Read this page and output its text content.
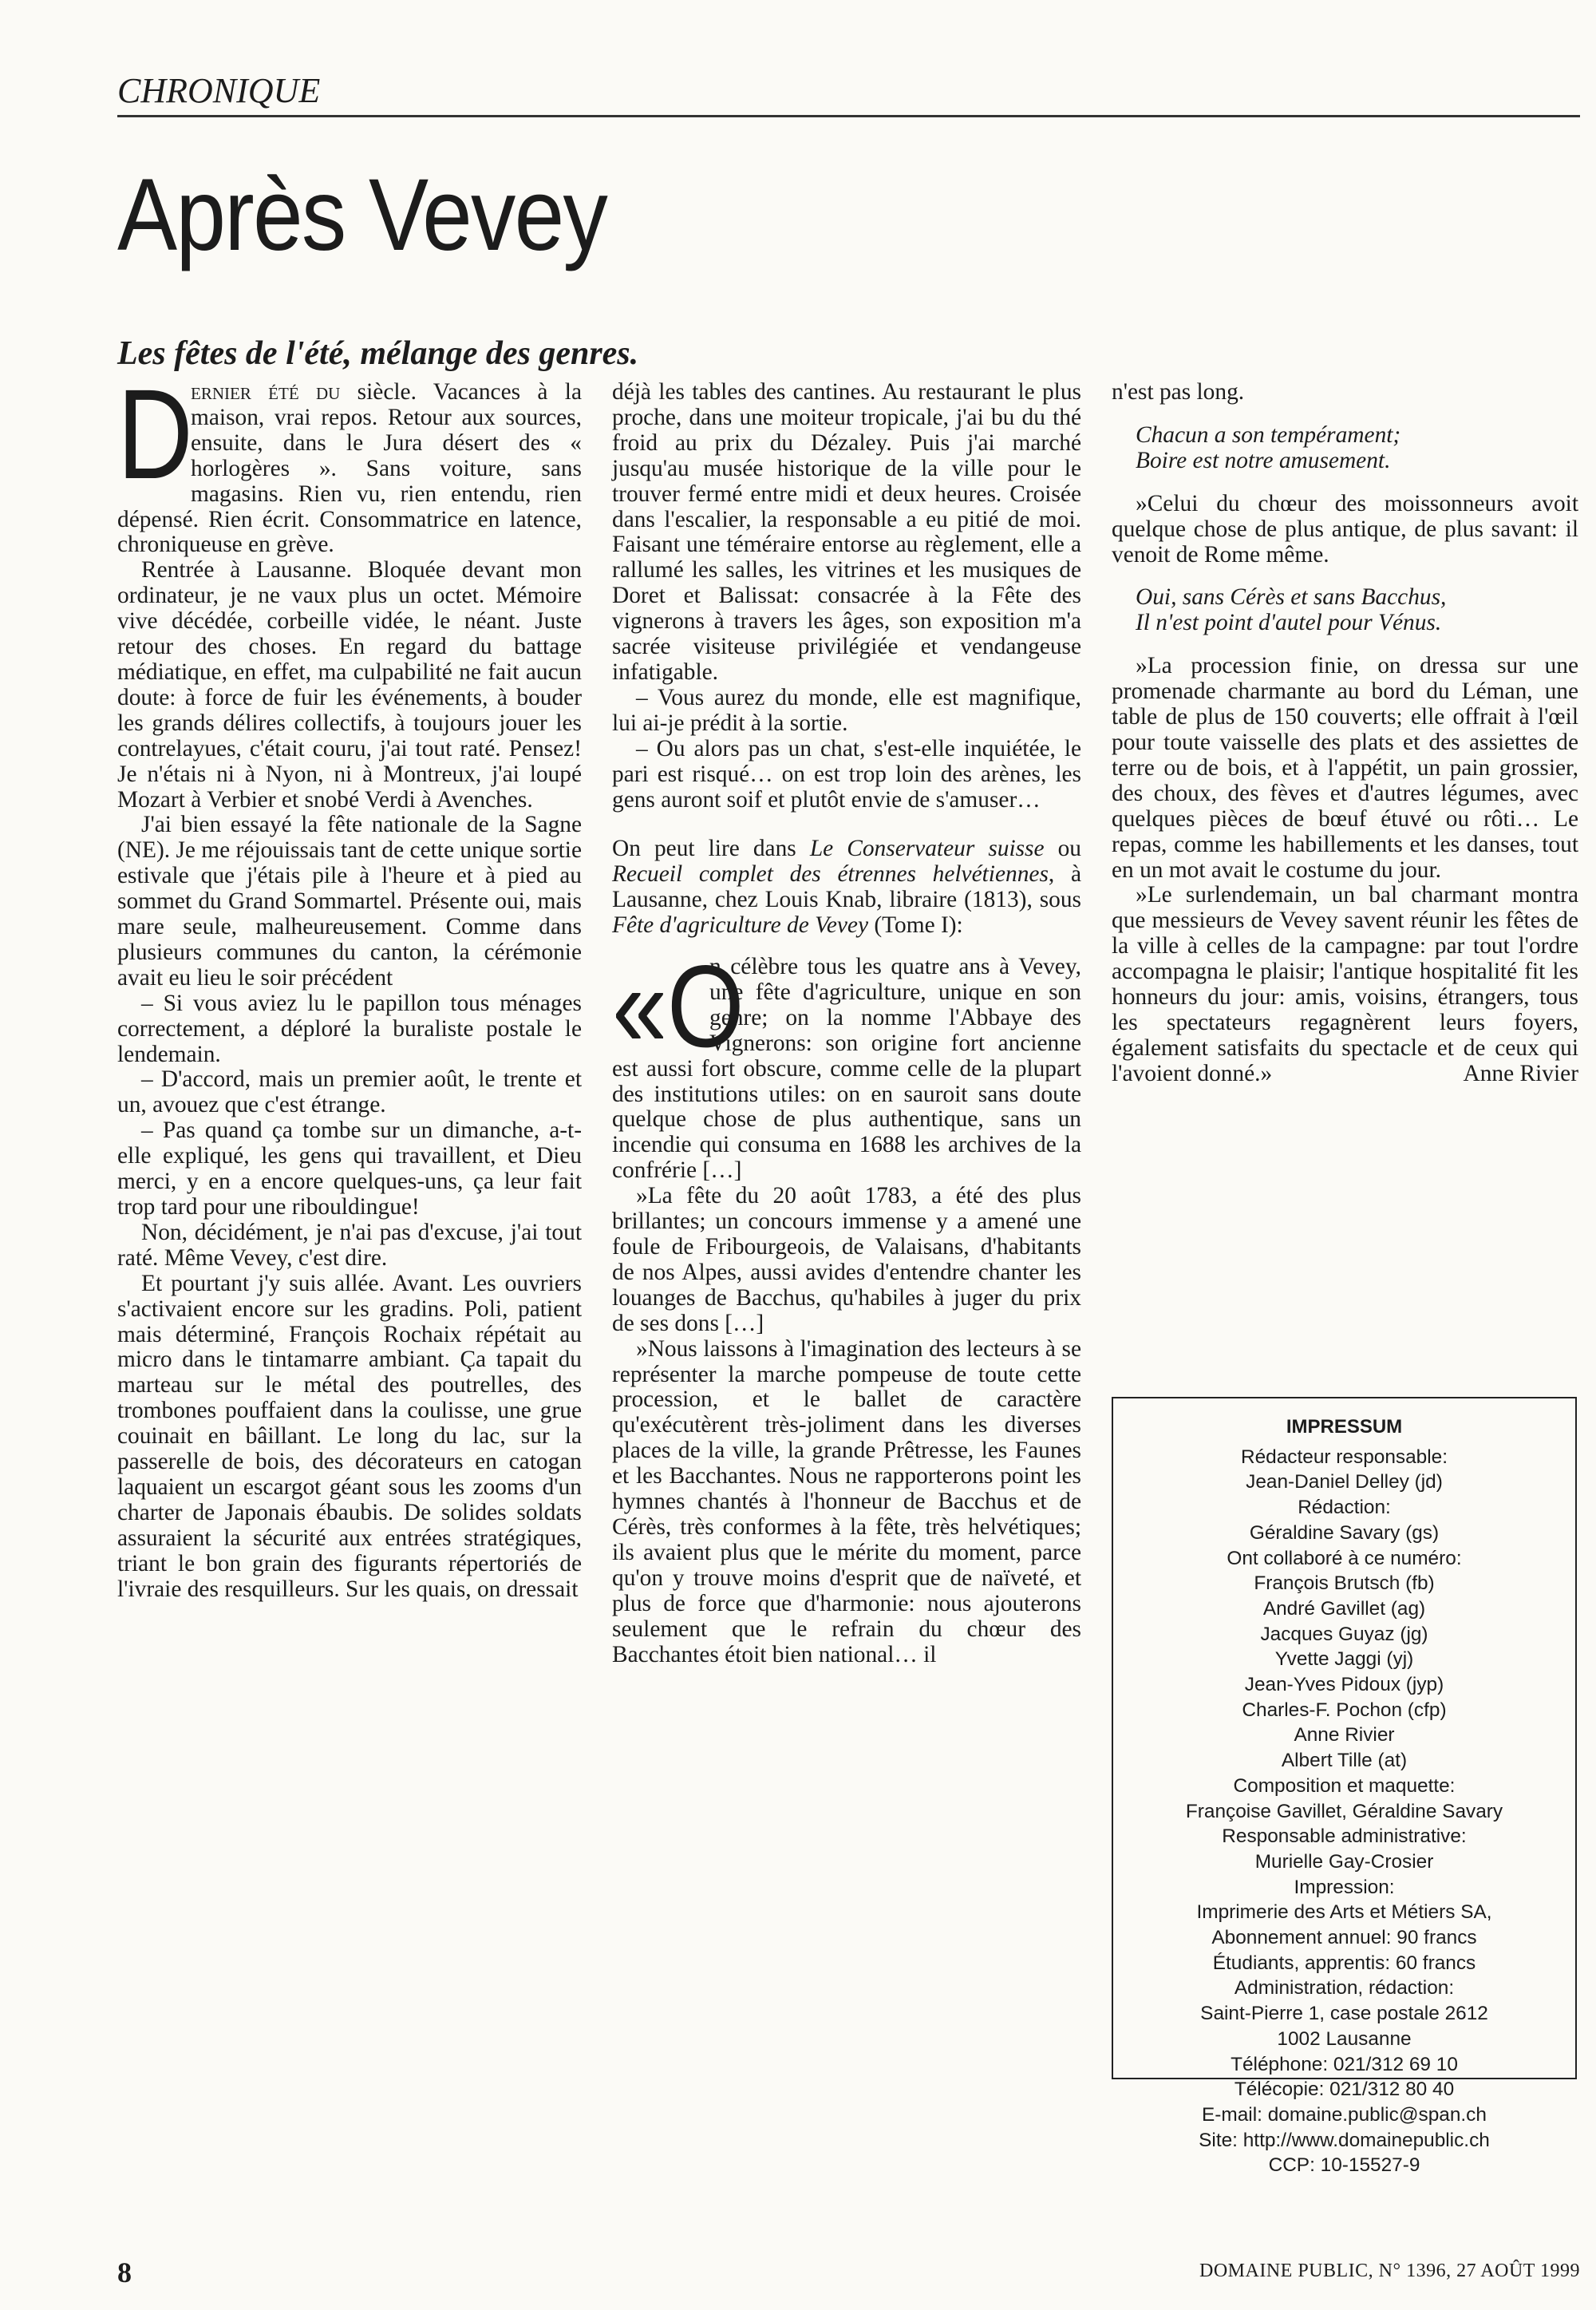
CHRONIQUE
Après Vevey
Les fêtes de l'été, mélange des genres.

D
ernier été du siècle. Vacances à la maison, vrai repos. Retour aux sources, ensuite, dans le Jura désert des « horlogères ». Sans voiture, sans magasins. Rien vu, rien entendu, rien dépensé. Rien écrit. Consommatrice en latence, chroniqueuse en grève.

Rentrée à Lausanne. Bloquée devant mon ordinateur, je ne vaux plus un octet. Mémoire vive décédée, corbeille vidée, le néant. Juste retour des choses. En regard du battage médiatique, en effet, ma culpabilité ne fait aucun doute: à force de fuir les événements, à bouder les grands délires collectifs, à toujours jouer les contrelayues, c'était couru, j'ai tout raté. Pensez! Je n'étais ni à Nyon, ni à Montreux, j'ai loupé Mozart à Verbier et snobé Verdi à Avenches.

J'ai bien essayé la fête nationale de la Sagne (NE). Je me réjouissais tant de cette unique sortie estivale que j'étais pile à l'heure et à pied au sommet du Grand Sommartel. Présente oui, mais mare seule, malheureusement. Comme dans plusieurs communes du canton, la cérémonie avait eu lieu le soir précédent

– Si vous aviez lu le papillon tous ménages correctement, a déploré la buraliste postale le lendemain.

– D'accord, mais un premier août, le trente et un, avouez que c'est étrange.

– Pas quand ça tombe sur un dimanche, a-t-elle expliqué, les gens qui travaillent, et Dieu merci, y en a encore quelques-uns, ça leur fait trop tard pour une ribouldingue!

Non, décidément, je n'ai pas d'excuse, j'ai tout raté. Même Vevey, c'est dire.

Et pourtant j'y suis allée. Avant. Les ouvriers s'activaient encore sur les gradins. Poli, patient mais déterminé, François Rochaix répétait au micro dans le tintamarre ambiant. Ça tapait du marteau sur le métal des poutrelles, des trombones pouffaient dans la coulisse, une grue couinait en bâillant. Le long du lac, sur la passerelle de bois, des décorateurs en catogan laquaient un escargot géant sous les zooms d'un charter de Japonais ébaubis. De solides soldats assuraient la sécurité aux entrées stratégiques, triant le bon grain des figurants répertoriés de l'ivraie des resquilleurs. Sur les quais, on dressait

déjà les tables des cantines. Au restaurant le plus proche, dans une moiteur tropicale, j'ai bu du thé froid au prix du Dézaley. Puis j'ai marché jusqu'au musée historique de la ville pour le trouver fermé entre midi et deux heures. Croisée dans l'escalier, la responsable a eu pitié de moi. Faisant une téméraire entorse au règlement, elle a rallumé les salles, les vitrines et les musiques de Doret et Balissat: consacrée à la Fête des vignerons à travers les âges, son exposition m'a sacrée visiteuse privilégiée et vendangeuse infatigable.

– Vous aurez du monde, elle est magnifique, lui ai-je prédit à la sortie.

– Ou alors pas un chat, s'est-elle inquiétée, le pari est risqué… on est trop loin des arènes, les gens auront soif et plutôt envie de s'amuser…

On peut lire dans Le Conservateur suisse ou Recueil complet des étrennes helvétiennes, à Lausanne, chez Louis Knab, libraire (1813), sous Fête d'agriculture de Vevey (Tome I):

«O
n célèbre tous les quatre ans à Vevey, une fête d'agriculture, unique en son genre; on la nomme l'Abbaye des Vignerons: son origine fort ancienne est aussi fort obscure, comme celle de la plupart des institutions utiles: on en sauroit sans doute quelque chose de plus authentique, sans un incendie qui consuma en 1688 les archives de la confrérie […]

»La fête du 20 août 1783, a été des plus brillantes; un concours immense y a amené une foule de Fribourgeois, de Valaisans, d'habitants de nos Alpes, aussi avides d'entendre chanter les louanges de Bacchus, qu'habiles à juger du prix de ses dons […]

»Nous laissons à l'imagination des lecteurs à se représenter la marche pompeuse de toute cette procession, et le ballet de caractère qu'exécutèrent très-joliment dans les diverses places de la ville, la grande Prêtresse, les Faunes et les Bacchantes. Nous ne rapporterons point les hymnes chantés à l'honneur de Bacchus et de Cérès, très conformes à la fête, très helvétiques; ils avaient plus que le mérite du moment, parce qu'on y trouve moins d'esprit que de naïveté, et plus de force que d'harmonie: nous ajouterons seulement que le refrain du chœur des Bacchantes étoit bien national… il

n'est pas long.

Chacun a son tempérament;
Boire est notre amusement.

»Celui du chœur des moissonneurs avoit quelque chose de plus antique, de plus savant: il venoit de Rome même.

Oui, sans Cérès et sans Bacchus,
Il n'est point d'autel pour Vénus.

»La procession finie, on dressa sur une promenade charmante au bord du Léman, une table de plus de 150 couverts; elle offrait à l'œil pour toute vaisselle des plats et des assiettes de terre ou de bois, et à l'appétit, un pain grossier, des choux, des fèves et d'autres légumes, avec quelques pièces de bœuf étuvé ou rôti… Le repas, comme les habillements et les danses, tout en un mot avait le costume du jour.

»Le surlendemain, un bal charmant montra que messieurs de Vevey savent réunir les fêtes de la ville à celles de la campagne: par tout l'ordre accompagna le plaisir; l'antique hospitalité fit les honneurs du jour: amis, voisins, étrangers, tous les spectateurs regagnèrent leurs foyers, également satisfaits du spectacle et de ceux qui l'avoient donné.»	Anne Rivier

IMPRESSUM
Rédacteur responsable:
Jean-Daniel Delley (jd)
Rédaction:
Géraldine Savary (gs)
Ont collaboré à ce numéro:
François Brutsch (fb)
André Gavillet (ag)
Jacques Guyaz (jg)
Yvette Jaggi (yj)
Jean-Yves Pidoux (jyp)
Charles-F. Pochon (cfp)
Anne Rivier
Albert Tille (at)
Composition et maquette:
Françoise Gavillet, Géraldine Savary
Responsable administrative:
Murielle Gay-Crosier
Impression:
Imprimerie des Arts et Métiers SA,
Abonnement annuel: 90 francs
Étudiants, apprentis: 60 francs
Administration, rédaction:
Saint-Pierre 1, case postale 2612
1002 Lausanne
Téléphone: 021/312 69 10
Télécopie: 021/312 80 40
E-mail: domaine.public@span.ch
Site: http://www.domainepublic.ch
CCP: 10-15527-9
8	DOMAINE PUBLIC, N° 1396, 27 AOÛT 1999
